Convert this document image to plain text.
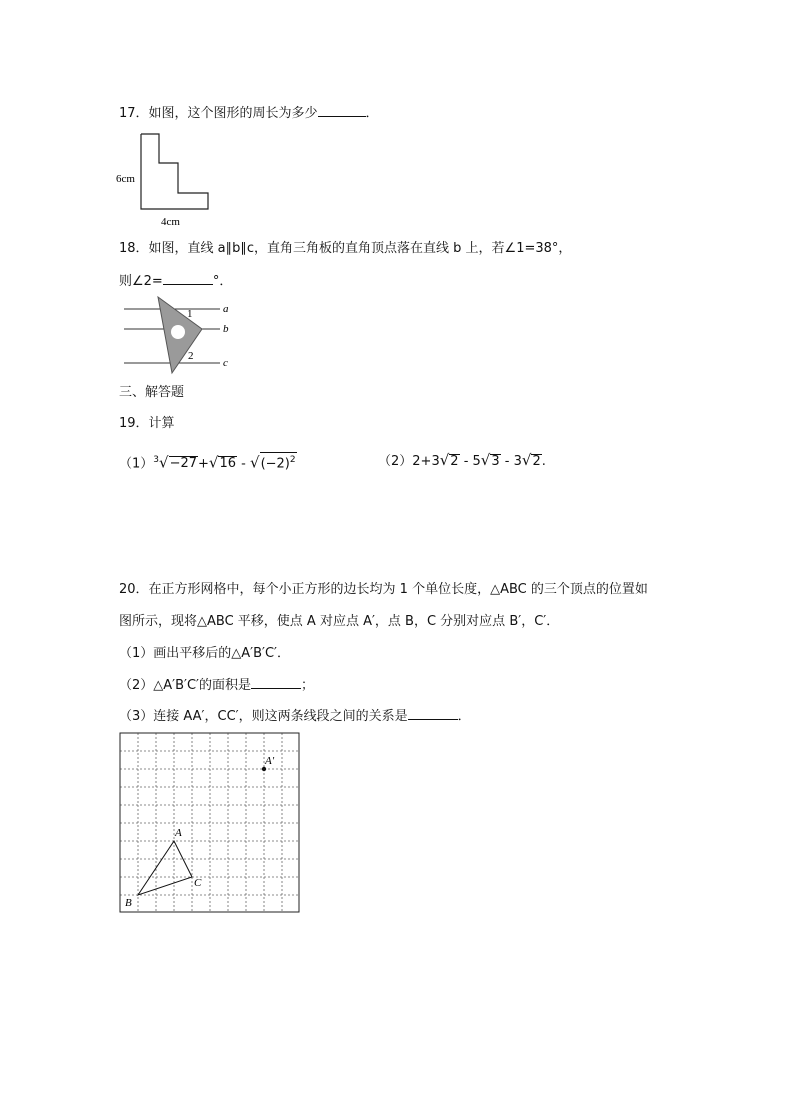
17．如图，这个图形的周长为多少	．
6cm
4cm
18．如图，直线 a∥b∥c，直角三角板的直角顶点落在直线 b 上，若∠1=38°，
则∠2=	°．
a
b
c
1
2
三、解答题
19．计算
$(1)^3√-27+√16 - √(-2)^2$	（2）2+3√2 - 5√3 - 3√2.
20．在正方形网格中，每个小正方形的边长均为 1 个单位长度，△ABC 的三个顶点的位置如
图所示，现将△ABC 平移，使点 A 对应点 A′，点 B，C 分别对应点 B′，C′．
（1）画出平移后的△A′B′C′．
（2）△A′B′C′的面积是	；
（3）连接 AA′，CC′，则这两条线段之间的关系是	．
A
B
C
A′
